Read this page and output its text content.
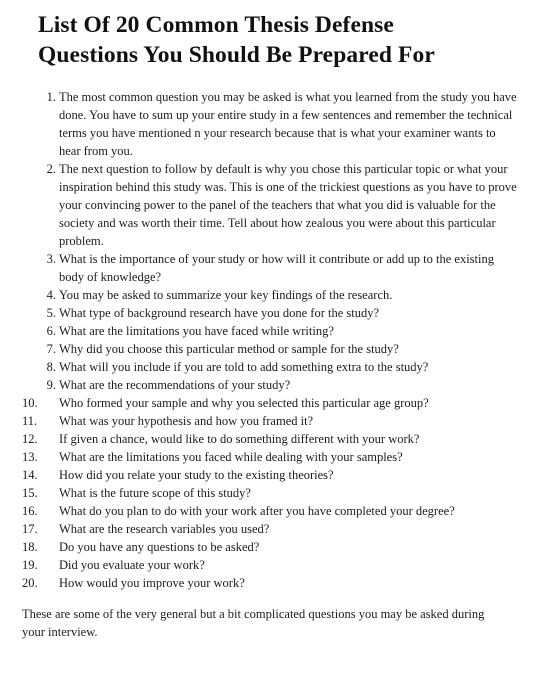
List Of 20 Common Thesis Defense
Questions You Should Be Prepared For
1. The most common question you may be asked is what you learned from the study you have done. You have to sum up your entire study in a few sentences and remember the technical terms you have mentioned n your research because that is what your examiner wants to hear from you.
2. The next question to follow by default is why you chose this particular topic or what your inspiration behind this study was. This is one of the trickiest questions as you have to prove your convincing power to the panel of the teachers that what you did is valuable for the society and was worth their time. Tell about how zealous you were about this particular problem.
3. What is the importance of your study or how will it contribute or add up to the existing body of knowledge?
4. You may be asked to summarize your key findings of the research.
5. What type of background research have you done for the study?
6. What are the limitations you have faced while writing?
7. Why did you choose this particular method or sample for the study?
8. What will you include if you are told to add something extra to the study?
9. What are the recommendations of your study?
10.	Who formed your sample and why you selected this particular age group?
11.	What was your hypothesis and how you framed it?
12.	If given a chance, would like to do something different with your work?
13.	What are the limitations you faced while dealing with your samples?
14.	How did you relate your study to the existing theories?
15.	What is the future scope of this study?
16.	What do you plan to do with your work after you have completed your degree?
17.	What are the research variables you used?
18.	Do you have any questions to be asked?
19.	Did you evaluate your work?
20.	How would you improve your work?

These are some of the very general but a bit complicated questions you may be asked during your interview.
